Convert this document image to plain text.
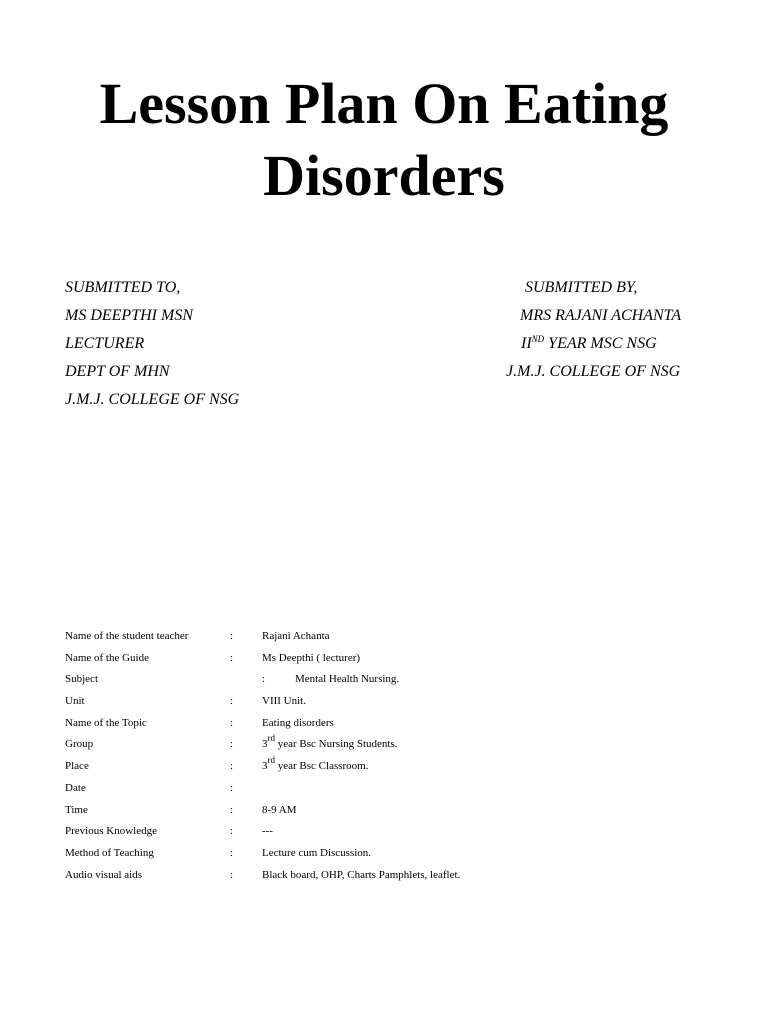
Lesson Plan On Eating
Disorders
SUBMITTED TO,
MS DEEPTHI MSN
LECTURER
DEPT OF MHN
J.M.J. COLLEGE OF NSG
SUBMITTED BY,
MRS RAJANI ACHANTA
IIND YEAR MSC NSG
J.M.J. COLLEGE OF NSG
Name of the student teacher	:	Rajani Achanta
Name of the Guide	:	Ms Deepthi ( lecturer)
Subject	:	Mental Health Nursing.
Unit	:	VIII Unit.
Name of the Topic	:	Eating disorders
Group	:	3rd year Bsc Nursing Students.
Place	:	3rd year Bsc Classroom.
Date	:
Time	:	8-9 AM
Previous Knowledge	:	---
Method of Teaching	:	Lecture cum Discussion.
Audio visual aids	:	Black board, OHP, Charts Pamphlets, leaflet.
